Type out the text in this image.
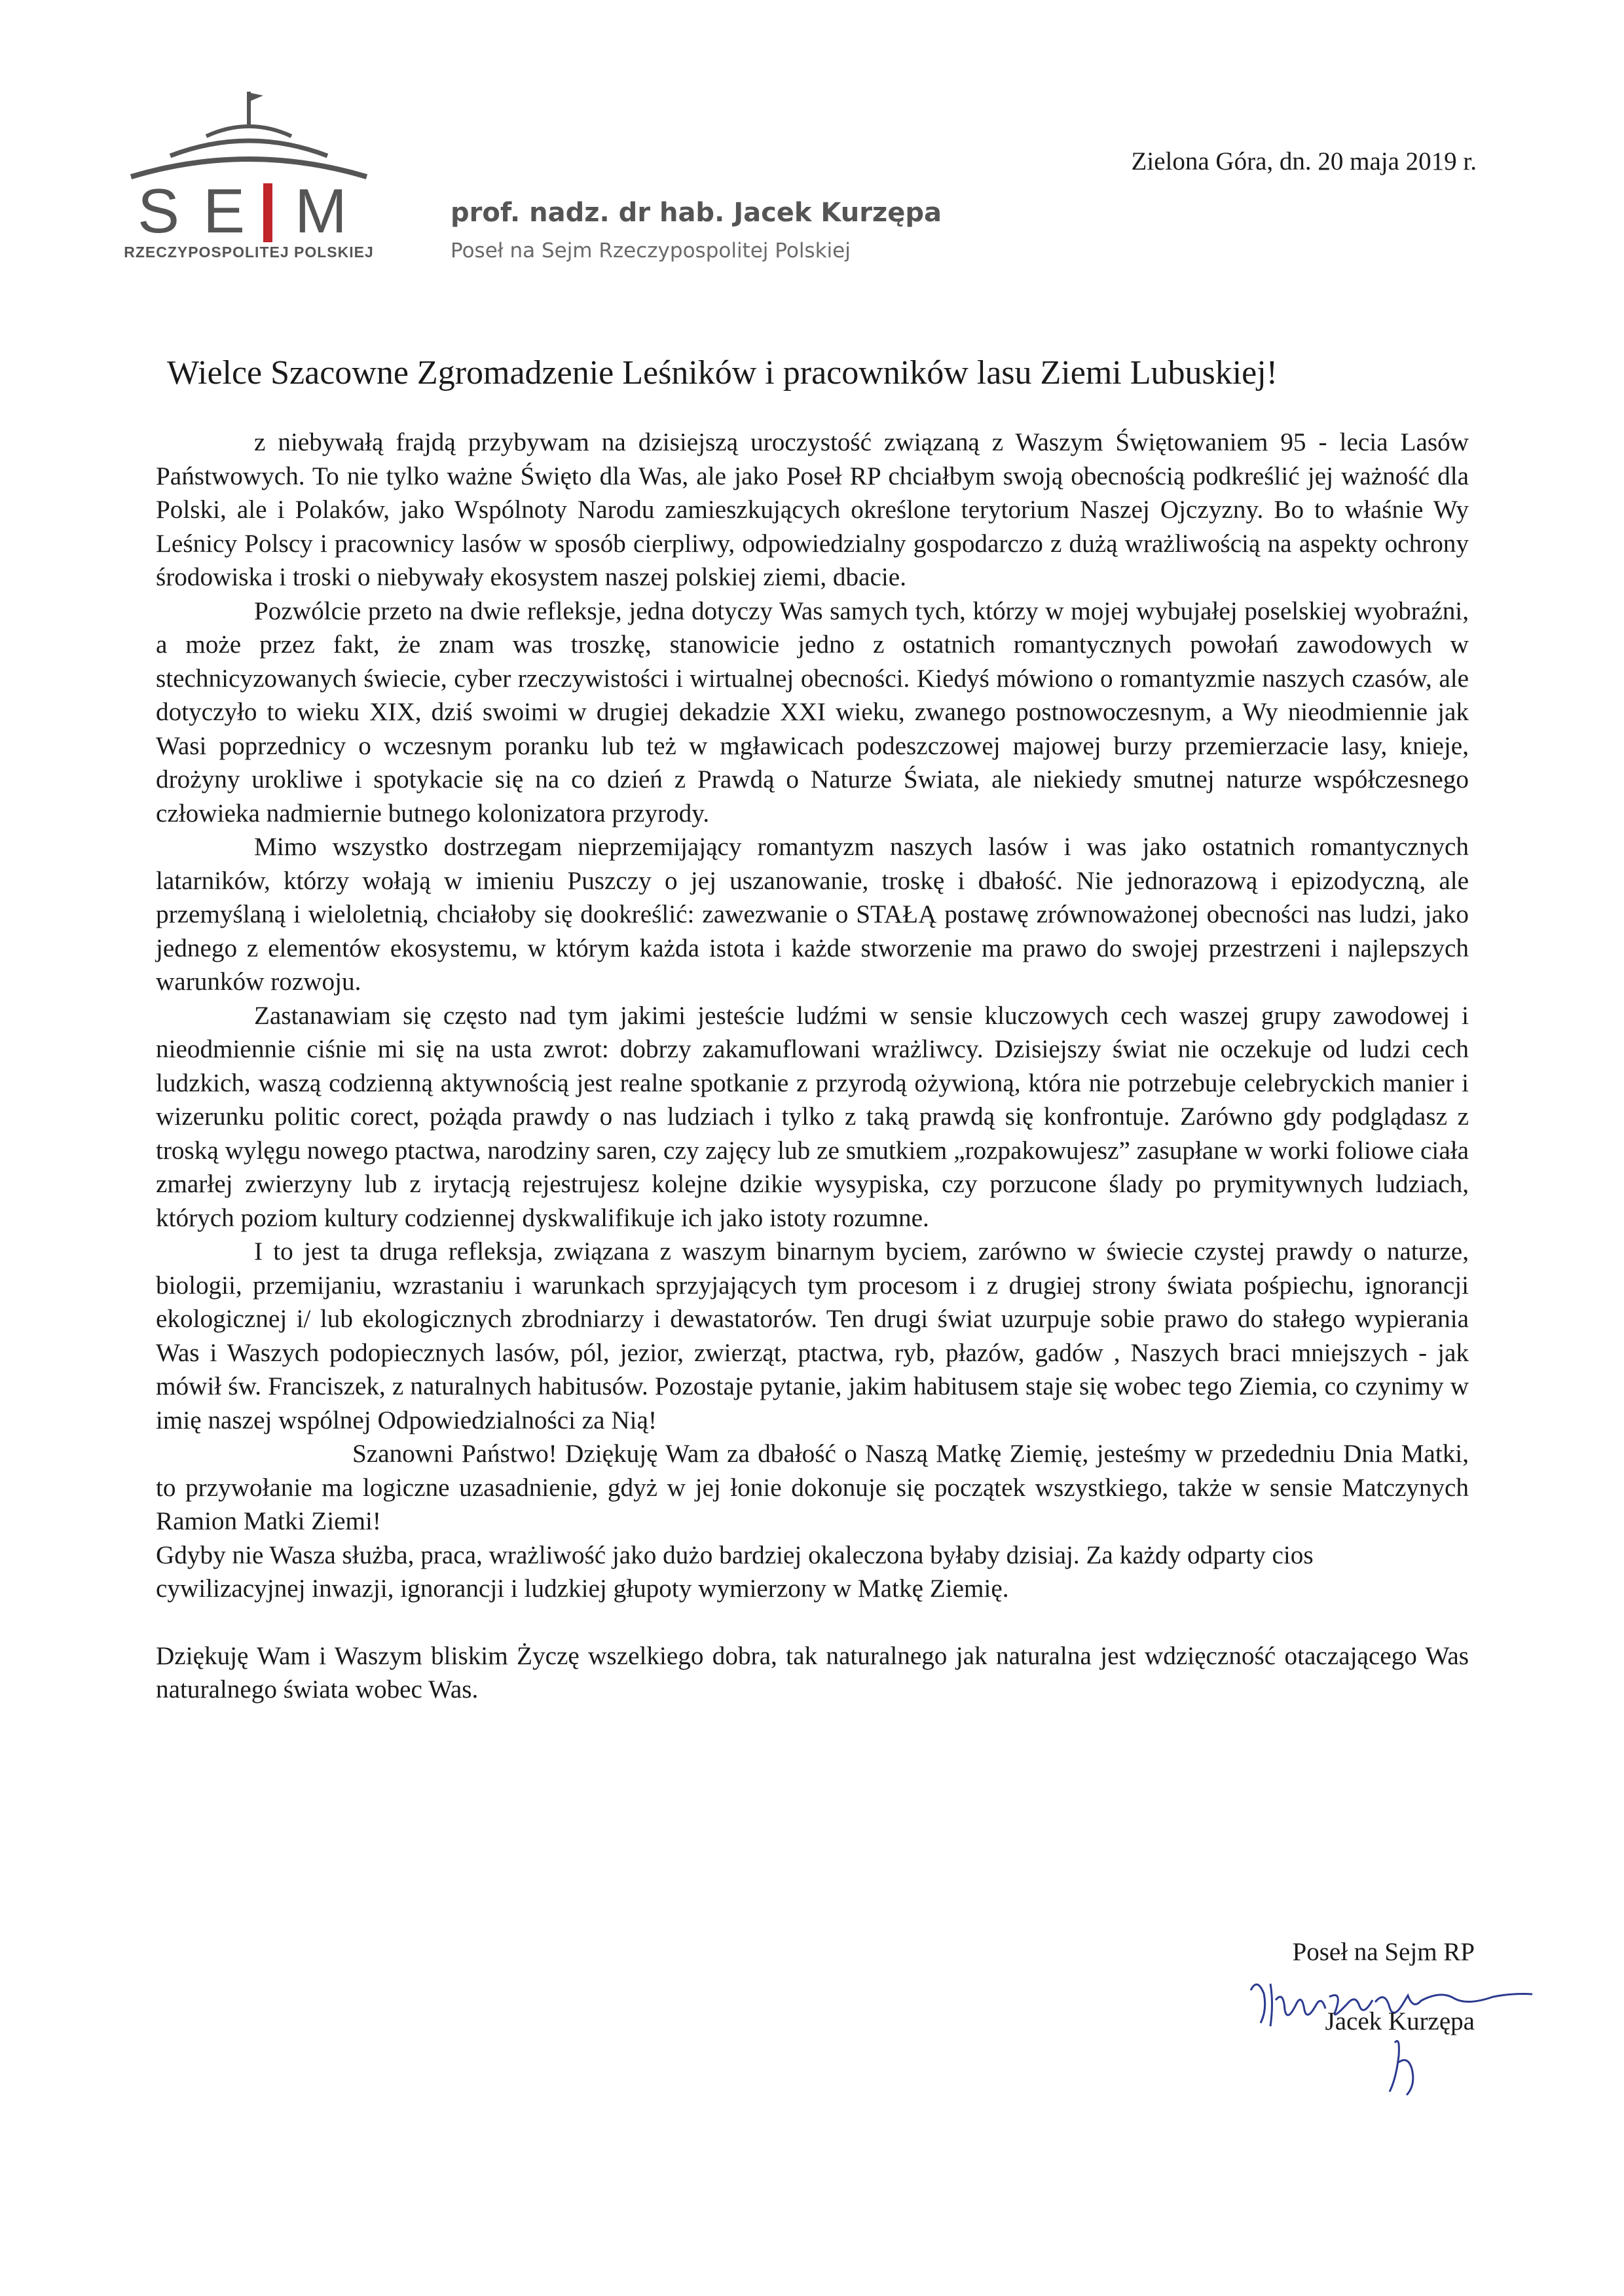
S E M
RZECZYPOSPOLITEJ POLSKIEJ
prof. nadz. dr hab. Jacek Kurzępa
Poseł na Sejm Rzeczypospolitej Polskiej
Zielona Góra, dn. 20 maja 2019 r.
Wielce Szacowne Zgromadzenie Leśników i pracowników lasu Ziemi Lubuskiej!

z niebywałą frajdą przybywam na dzisiejszą uroczystość związaną z Waszym Świętowaniem 95 - lecia Lasów Państwowych. To nie tylko ważne Święto dla Was, ale jako Poseł RP chciałbym swoją obecnością podkreślić jej ważność dla Polski, ale i Polaków, jako Wspólnoty Narodu zamieszkujących określone terytorium Naszej Ojczyzny. Bo to właśnie Wy Leśnicy Polscy i pracownicy lasów w sposób cierpliwy, odpowiedzialny gospodarczo z dużą wrażliwością na aspekty ochrony środowiska i troski o niebywały ekosystem naszej polskiej ziemi, dbacie.

Pozwólcie przeto na dwie refleksje, jedna dotyczy Was samych tych, którzy w mojej wybujałej poselskiej wyobraźni, a może przez fakt, że znam was troszkę, stanowicie jedno z ostatnich romantycznych powołań zawodowych w stechnicyzowanych świecie, cyber rzeczywistości i wirtualnej obecności. Kiedyś mówiono o romantyzmie naszych czasów, ale dotyczyło to wieku XIX, dziś swoimi w drugiej dekadzie XXI wieku, zwanego postnowoczesnym, a Wy nieodmiennie jak Wasi poprzednicy o wczesnym poranku lub też w mgławicach podeszczowej majowej burzy przemierzacie lasy, knieje, drożyny urokliwe i spotykacie się na co dzień z Prawdą o Naturze Świata, ale niekiedy smutnej naturze współczesnego człowieka nadmiernie butnego kolonizatora przyrody.

Mimo wszystko dostrzegam nieprzemijający romantyzm naszych lasów i was jako ostatnich romantycznych latarników, którzy wołają w imieniu Puszczy o jej uszanowanie, troskę i dbałość. Nie jednorazową i epizodyczną, ale przemyślaną i wieloletnią, chciałoby się dookreślić: zawezwanie o STAŁĄ postawę zrównoważonej obecności nas ludzi, jako jednego z elementów ekosystemu, w którym każda istota i każde stworzenie ma prawo do swojej przestrzeni i najlepszych warunków rozwoju.

Zastanawiam się często nad tym jakimi jesteście ludźmi w sensie kluczowych cech waszej grupy zawodowej i nieodmiennie ciśnie mi się na usta zwrot: dobrzy zakamuflowani wrażliwcy. Dzisiejszy świat nie oczekuje od ludzi cech ludzkich, waszą codzienną aktywnością jest realne spotkanie z przyrodą ożywioną, która nie potrzebuje celebryckich manier i wizerunku politic corect, pożąda prawdy o nas ludziach i tylko z taką prawdą się konfrontuje. Zarówno gdy podglądasz z troską wylęgu nowego ptactwa, narodziny saren, czy zajęcy lub ze smutkiem „rozpakowujesz” zasupłane w worki foliowe ciała zmarłej zwierzyny lub z irytacją rejestrujesz kolejne dzikie wysypiska, czy porzucone ślady po prymitywnych ludziach, których poziom kultury codziennej dyskwalifikuje ich jako istoty rozumne.

I to jest ta druga refleksja, związana z waszym binarnym byciem, zarówno w świecie czystej prawdy o naturze, biologii, przemijaniu, wzrastaniu i warunkach sprzyjających tym procesom i z drugiej strony świata pośpiechu, ignorancji ekologicznej i/ lub ekologicznych zbrodniarzy i dewastatorów. Ten drugi świat uzurpuje sobie prawo do stałego wypierania Was i Waszych podopiecznych lasów, pól, jezior, zwierząt, ptactwa, ryb, płazów, gadów , Naszych braci mniejszych - jak mówił św. Franciszek, z naturalnych habitusów. Pozostaje pytanie, jakim habitusem staje się wobec tego Ziemia, co czynimy w imię naszej wspólnej Odpowiedzialności za Nią!

Szanowni Państwo! Dziękuję Wam za dbałość o Naszą Matkę Ziemię, jesteśmy w przededniu Dnia Matki, to przywołanie ma logiczne uzasadnienie, gdyż w jej łonie dokonuje się początek wszystkiego, także w sensie Matczynych Ramion Matki Ziemi!

Gdyby nie Wasza służba, praca, wrażliwość jako dużo bardziej okaleczona byłaby dzisiaj. Za każdy odparty cios cywilizacyjnej inwazji, ignorancji i ludzkiej głupoty wymierzony w Matkę Ziemię.

Dziękuję Wam i Waszym bliskim Życzę wszelkiego dobra, tak naturalnego jak naturalna jest wdzięczność otaczającego Was naturalnego świata wobec Was.

Poseł na Sejm RP
Jacek Kurzępa
